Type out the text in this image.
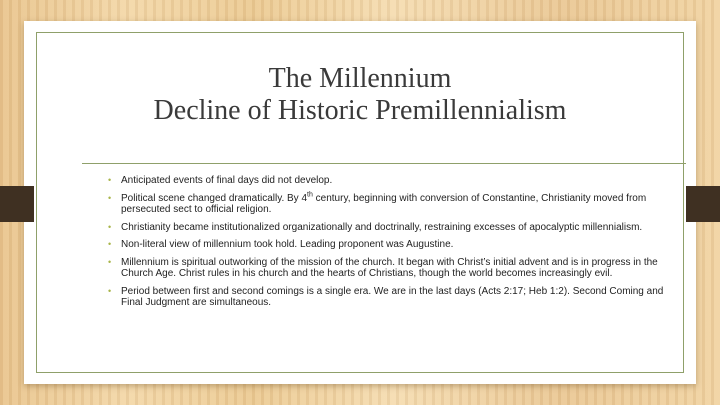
The Millennium
Decline of Historic Premillennialism
• Anticipated events of final days did not develop.
• Political scene changed dramatically. By 4th century, beginning with conversion of Constantine, Christianity moved from persecuted sect to official religion.
• Christianity became institutionalized organizationally and doctrinally, restraining excesses of apocalyptic millennialism.
• Non-literal view of millennium took hold. Leading proponent was Augustine.
• Millennium is spiritual outworking of the mission of the church. It began with Christ’s initial advent and is in progress in the Church Age. Christ rules in his church and the hearts of Christians, though the world becomes increasingly evil.
• Period between first and second comings is a single era. We are in the last days (Acts 2:17; Heb 1:2). Second Coming and Final Judgment are simultaneous.
